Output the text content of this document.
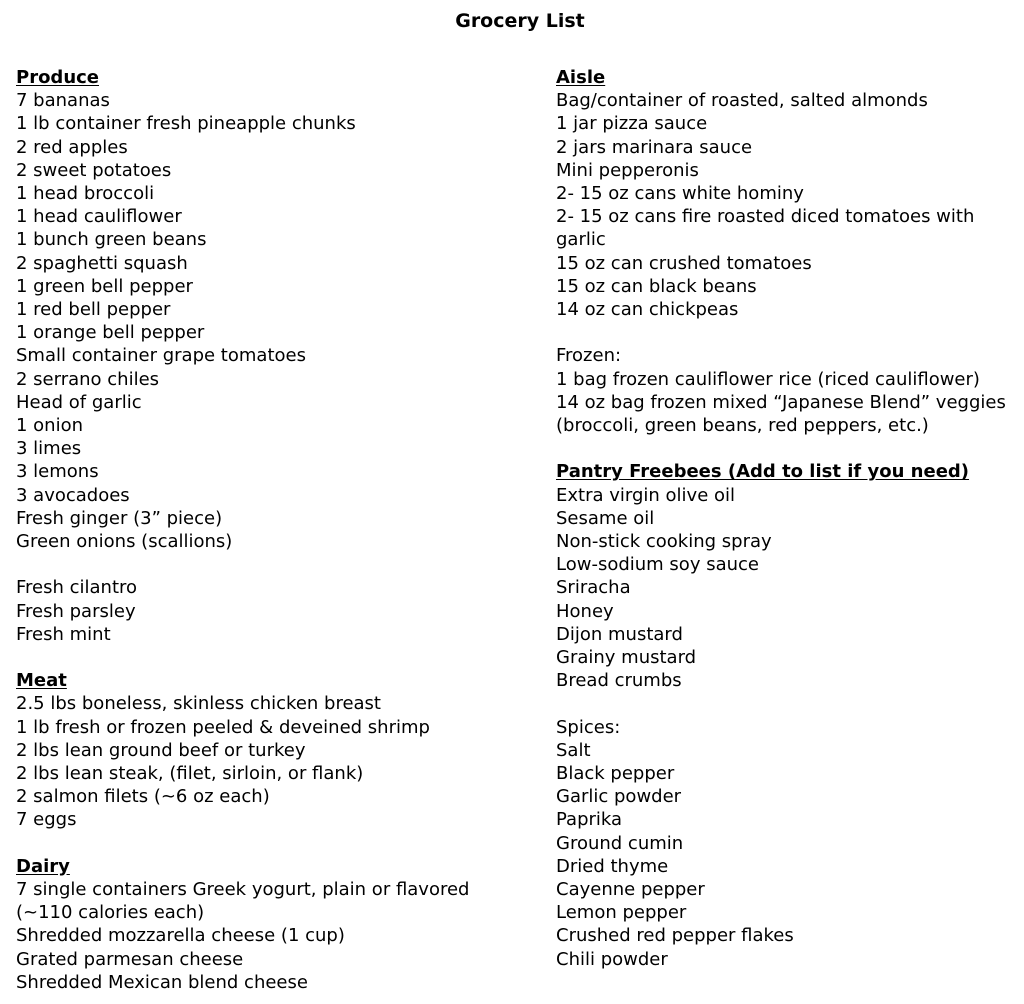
Grocery List
Produce
7 bananas
1 lb container fresh pineapple chunks
2 red apples
2 sweet potatoes
1 head broccoli
1 head cauliflower
1 bunch green beans
2 spaghetti squash
1 green bell pepper
1 red bell pepper
1 orange bell pepper
Small container grape tomatoes
2 serrano chiles
Head of garlic
1 onion
3 limes
3 lemons
3 avocadoes
Fresh ginger (3” piece)
Green onions (scallions)
Fresh cilantro
Fresh parsley
Fresh mint
Meat
2.5 lbs boneless, skinless chicken breast
1 lb fresh or frozen peeled & deveined shrimp
2 lbs lean ground beef or turkey
2 lbs lean steak, (filet, sirloin, or flank)
2 salmon filets (~6 oz each)
7 eggs
Dairy
7 single containers Greek yogurt, plain or flavored (~110 calories each)
Shredded mozzarella cheese (1 cup)
Grated parmesan cheese
Shredded Mexican blend cheese
Aisle
Bag/container of roasted, salted almonds
1 jar pizza sauce
2 jars marinara sauce
Mini pepperonis
2- 15 oz cans white hominy
2- 15 oz cans fire roasted diced tomatoes with garlic
15 oz can crushed tomatoes
15 oz can black beans
14 oz can chickpeas
Frozen:
1 bag frozen cauliflower rice (riced cauliflower)
14 oz bag frozen mixed “Japanese Blend” veggies (broccoli, green beans, red peppers, etc.)
Pantry Freebees (Add to list if you need)
Extra virgin olive oil
Sesame oil
Non-stick cooking spray
Low-sodium soy sauce
Sriracha
Honey
Dijon mustard
Grainy mustard
Bread crumbs
Spices:
Salt
Black pepper
Garlic powder
Paprika
Ground cumin
Dried thyme
Cayenne pepper
Lemon pepper
Crushed red pepper flakes
Chili powder
